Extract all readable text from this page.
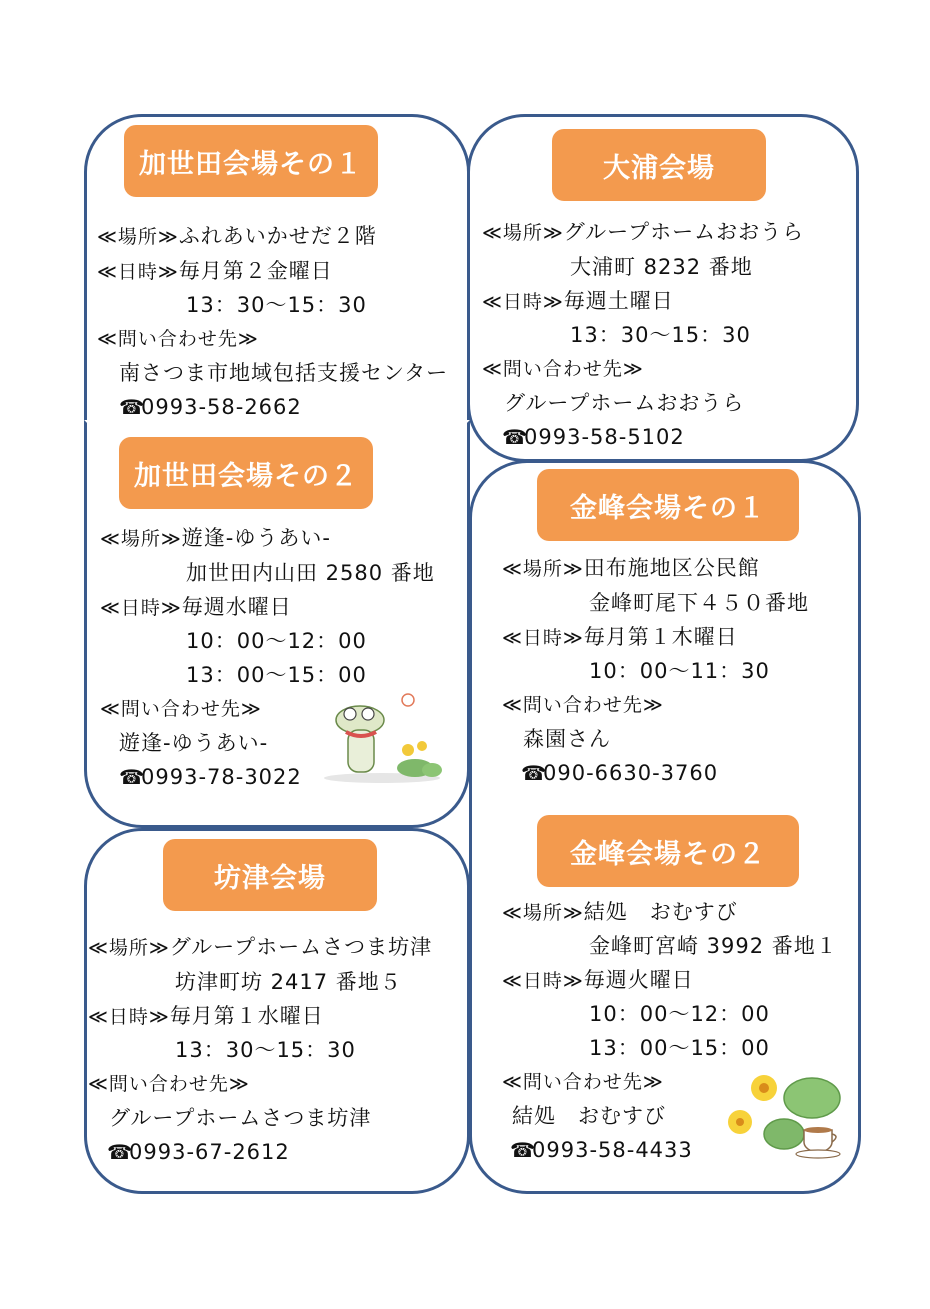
加世田会場その１
≪場所≫ふれあいかせだ２階
≪日時≫毎月第２金曜日
13：30～15：30
≪問い合わせ先≫
南さつま市地域包括支援センター
☎0993-58-2662
大浦会場
≪場所≫グループホームおおうら
大浦町 8232 番地
≪日時≫毎週土曜日
13：30～15：30
≪問い合わせ先≫
グループホームおおうら
☎0993-58-5102
加世田会場その２
≪場所≫遊逢-ゆうあい-
加世田内山田 2580 番地
≪日時≫毎週水曜日
10：00～12：00
13：00～15：00
≪問い合わせ先≫
遊逢-ゆうあい-
☎0993-78-3022
坊津会場
≪場所≫グループホームさつま坊津
坊津町坊 2417 番地５
≪日時≫毎月第１水曜日
13：30～15：30
≪問い合わせ先≫
グループホームさつま坊津
☎0993-67-2612
金峰会場その１
≪場所≫田布施地区公民館
金峰町尾下４５０番地
≪日時≫毎月第１木曜日
10：00～11：30
≪問い合わせ先≫
森園さん
☎090-6630-3760
金峰会場その２
≪場所≫結処　おむすび
金峰町宮崎 3992 番地１
≪日時≫毎週火曜日
10：00～12：00
13：00～15：00
≪問い合わせ先≫
結処　おむすび
☎0993-58-4433
